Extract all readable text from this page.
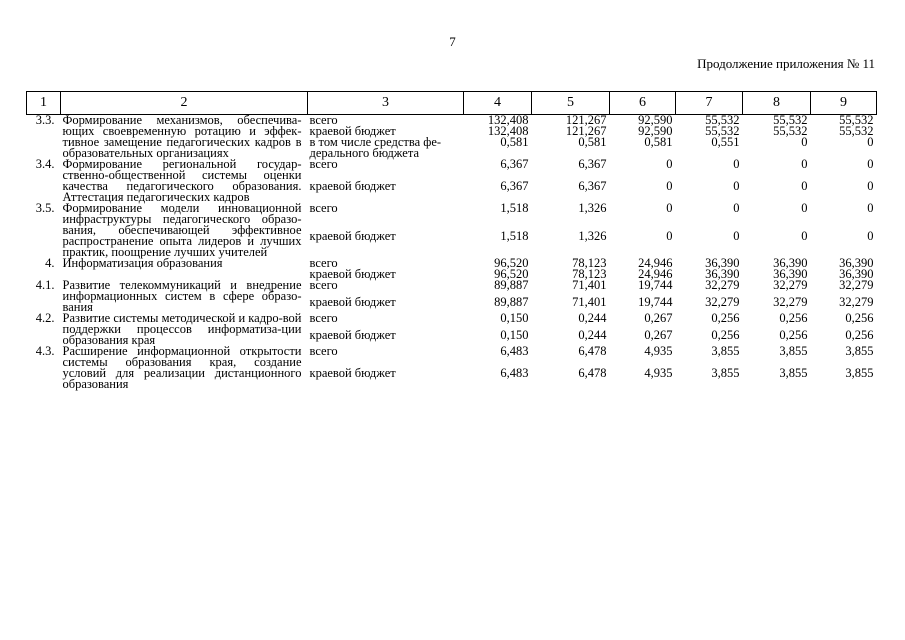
7
Продолжение приложения № 11
1	2	3	4	5	6	7	8	9
3.3.	Формирование механизмов, обеспечива-ющих своевременную ротацию и эффек-тивное замещение педагогических кадров в образовательных организациях	всего	132,408	121,267	92,590	55,532	55,532	55,532
		краевой бюджет	132,408	121,267	92,590	55,532	55,532	55,532
		в том числе средства фе-дерального бюджета	0,581	0,581	0,581	0,551	0	0
3.4.	Формирование региональной государ-ственно-общественной системы оценки качества педагогического образования. Аттестация педагогических кадров	всего	6,367	6,367	0	0	0	0
		краевой бюджет	6,367	6,367	0	0	0	0
3.5.	Формирование модели инновационной инфраструктуры педагогического образо-вания, обеспечивающей эффективное распространение опыта лидеров и лучших практик, поощрение лучших учителей	всего	1,518	1,326	0	0	0	0
		краевой бюджет	1,518	1,326	0	0	0	0
4.	Информатизация образования	всего	96,520	78,123	24,946	36,390	36,390	36,390
		краевой бюджет	96,520	78,123	24,946	36,390	36,390	36,390
4.1.	Развитие телекоммуникаций и внедрение информационных систем в сфере образо-вания	всего	89,887	71,401	19,744	32,279	32,279	32,279
		краевой бюджет	89,887	71,401	19,744	32,279	32,279	32,279
4.2.	Развитие системы методической и кадро-вой поддержки процессов информатиза-ции образования края	всего	0,150	0,244	0,267	0,256	0,256	0,256
		краевой бюджет	0,150	0,244	0,267	0,256	0,256	0,256
4.3.	Расширение информационной открытости системы образования края, создание условий для реализации дистанционного образования	всего	6,483	6,478	4,935	3,855	3,855	3,855
		краевой бюджет	6,483	6,478	4,935	3,855	3,855	3,855
